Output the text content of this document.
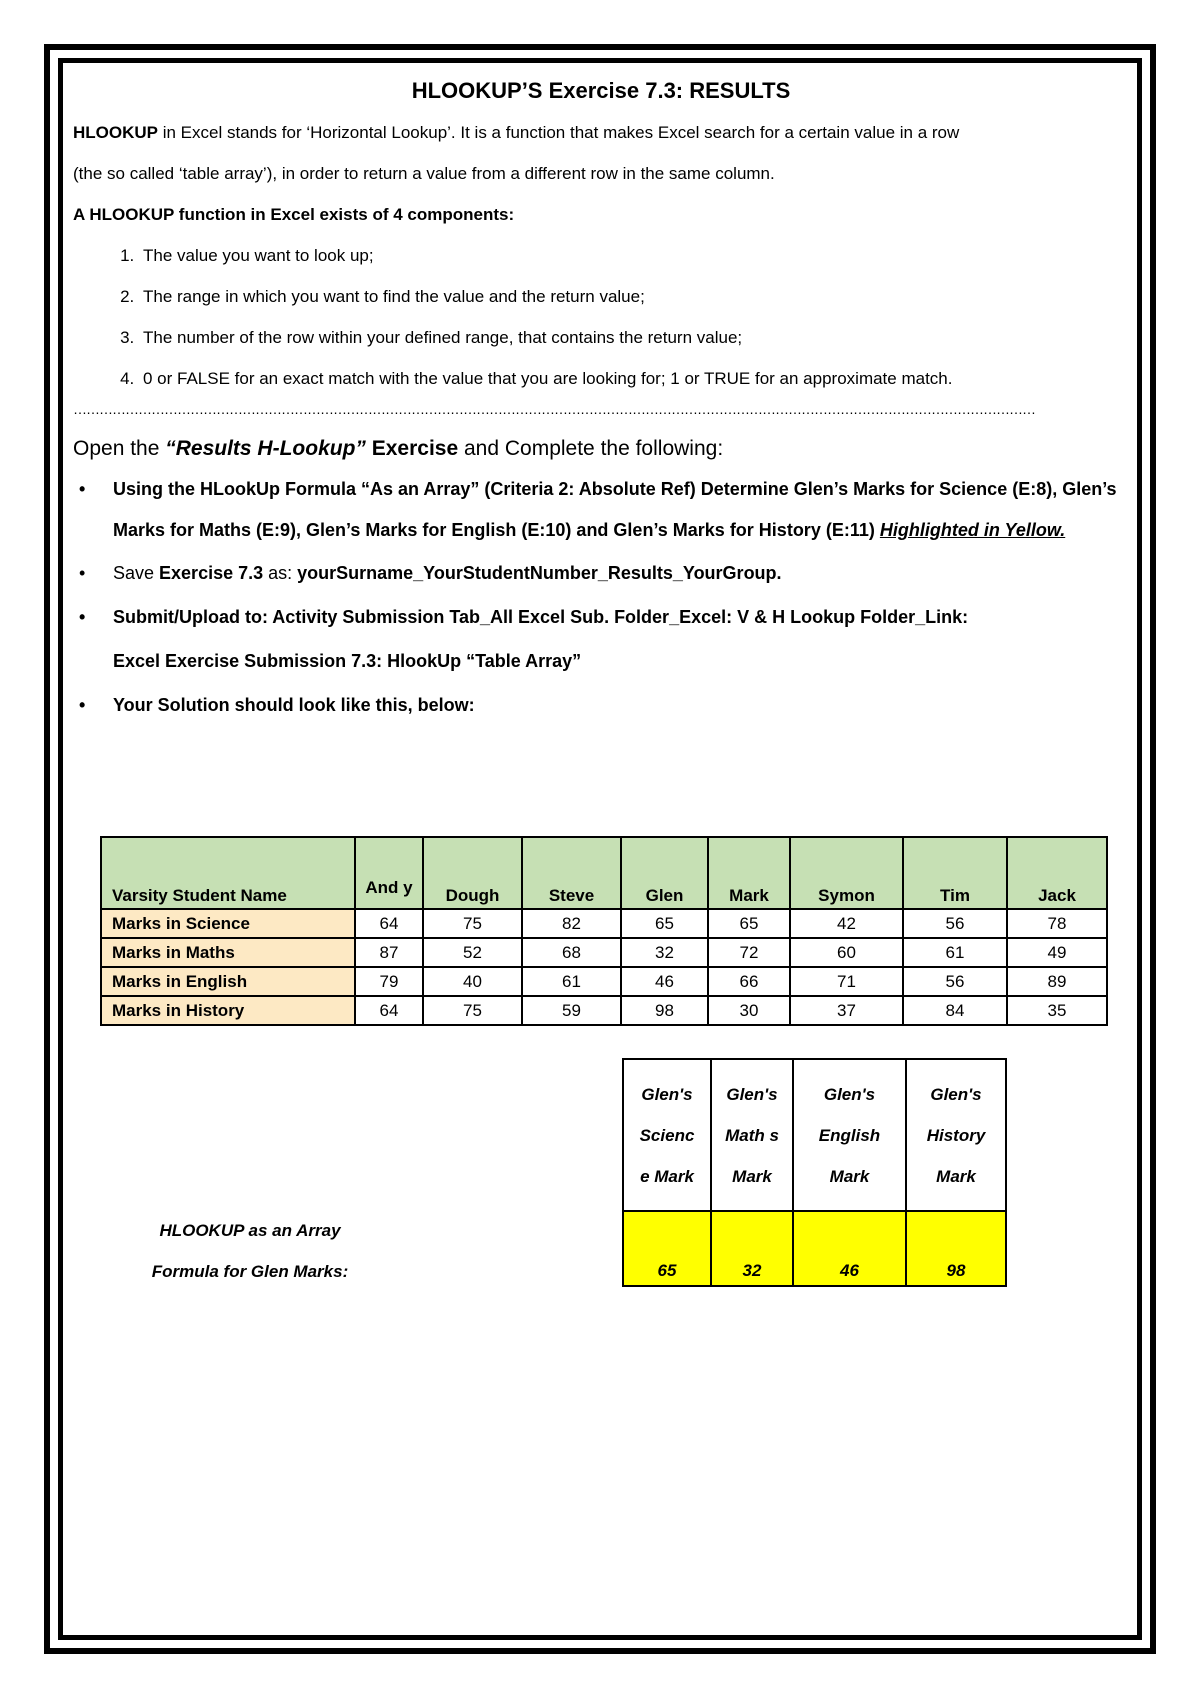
HLOOKUP’S Exercise 7.3: RESULTS
HLOOKUP in Excel stands for ‘Horizontal Lookup’. It is a function that makes Excel search for a certain value in a row
(the so called ‘table array’), in order to return a value from a different row in the same column.
A HLOOKUP function in Excel exists of 4 components:
1. The value you want to look up;
2. The range in which you want to find the value and the return value;
3. The number of the row within your defined range, that contains the return value;
4. 0 or FALSE for an exact match with the value that you are looking for; 1 or TRUE for an approximate match.
……………………………………………………………………………………………………………………………………………………………………………………………………
Open the “Results H-Lookup” Exercise and Complete the following:
• Using the HLookUp Formula “As an Array” (Criteria 2: Absolute Ref) Determine Glen’s Marks for Science (E:8), Glen’s Marks for Maths (E:9), Glen’s Marks for English (E:10) and Glen’s Marks for History (E:11) Highlighted in Yellow.
• Save Exercise 7.3 as: yourSurname_YourStudentNumber_Results_YourGroup.
• Submit/Upload to: Activity Submission Tab_All Excel Sub. Folder_Excel: V & H Lookup Folder_Link:
Excel Exercise Submission 7.3: HlookUp “Table Array”
• Your Solution should look like this, below:
Varsity Student Name	And y	Dough	Steve	Glen	Mark	Symon	Tim	Jack
Marks in Science	64	75	82	65	65	42	56	78
Marks in Maths	87	52	68	32	72	60	61	49
Marks in English	79	40	61	46	66	71	56	89
Marks in History	64	75	59	98	30	37	84	35
HLOOKUP as an Array
Formula for Glen Marks:
Glen's Scienc e Mark	Glen's Math s Mark	Glen's English Mark	Glen's History Mark
65	32	46	98
